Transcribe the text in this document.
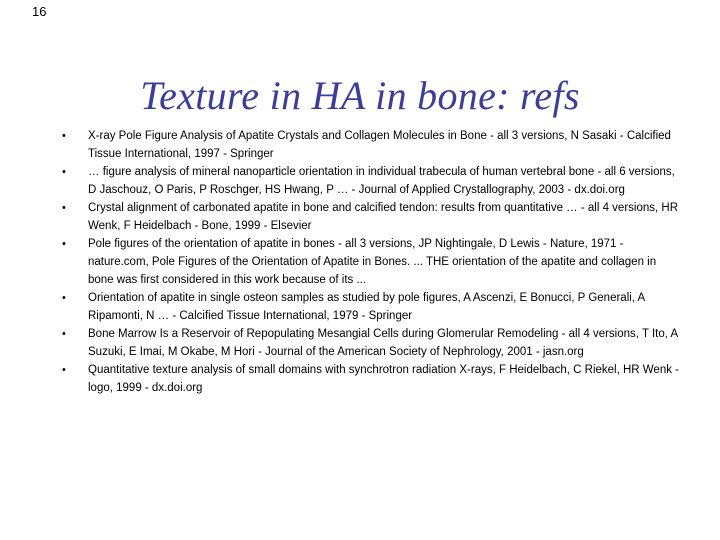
16
Texture in HA in bone: refs
•	X-ray Pole Figure Analysis of Apatite Crystals and Collagen Molecules in Bone - all 3 versions, N Sasaki - Calcified Tissue International, 1997 - Springer
•	… figure analysis of mineral nanoparticle orientation in individual trabecula of human vertebral bone - all 6 versions, D Jaschouz, O Paris, P Roschger, HS Hwang, P … - Journal of Applied Crystallography, 2003 - dx.doi.org
•	Crystal alignment of carbonated apatite in bone and calcified tendon: results from quantitative … - all 4 versions, HR Wenk, F Heidelbach - Bone, 1999 - Elsevier
•	Pole figures of the orientation of apatite in bones - all 3 versions, JP Nightingale, D Lewis - Nature, 1971 - nature.com, Pole Figures of the Orientation of Apatite in Bones. ... THE orientation of the apatite and collagen in bone was first considered in this work because of its ...
•	Orientation of apatite in single osteon samples as studied by pole figures, A Ascenzi, E Bonucci, P Generali, A Ripamonti, N … - Calcified Tissue International, 1979 - Springer
•	Bone Marrow Is a Reservoir of Repopulating Mesangial Cells during Glomerular Remodeling - all 4 versions, T Ito, A Suzuki, E Imai, M Okabe, M Hori - Journal of the American Society of Nephrology, 2001 - jasn.org
•	Quantitative texture analysis of small domains with synchrotron radiation X-rays, F Heidelbach, C Riekel, HR Wenk - logo, 1999 - dx.doi.org
